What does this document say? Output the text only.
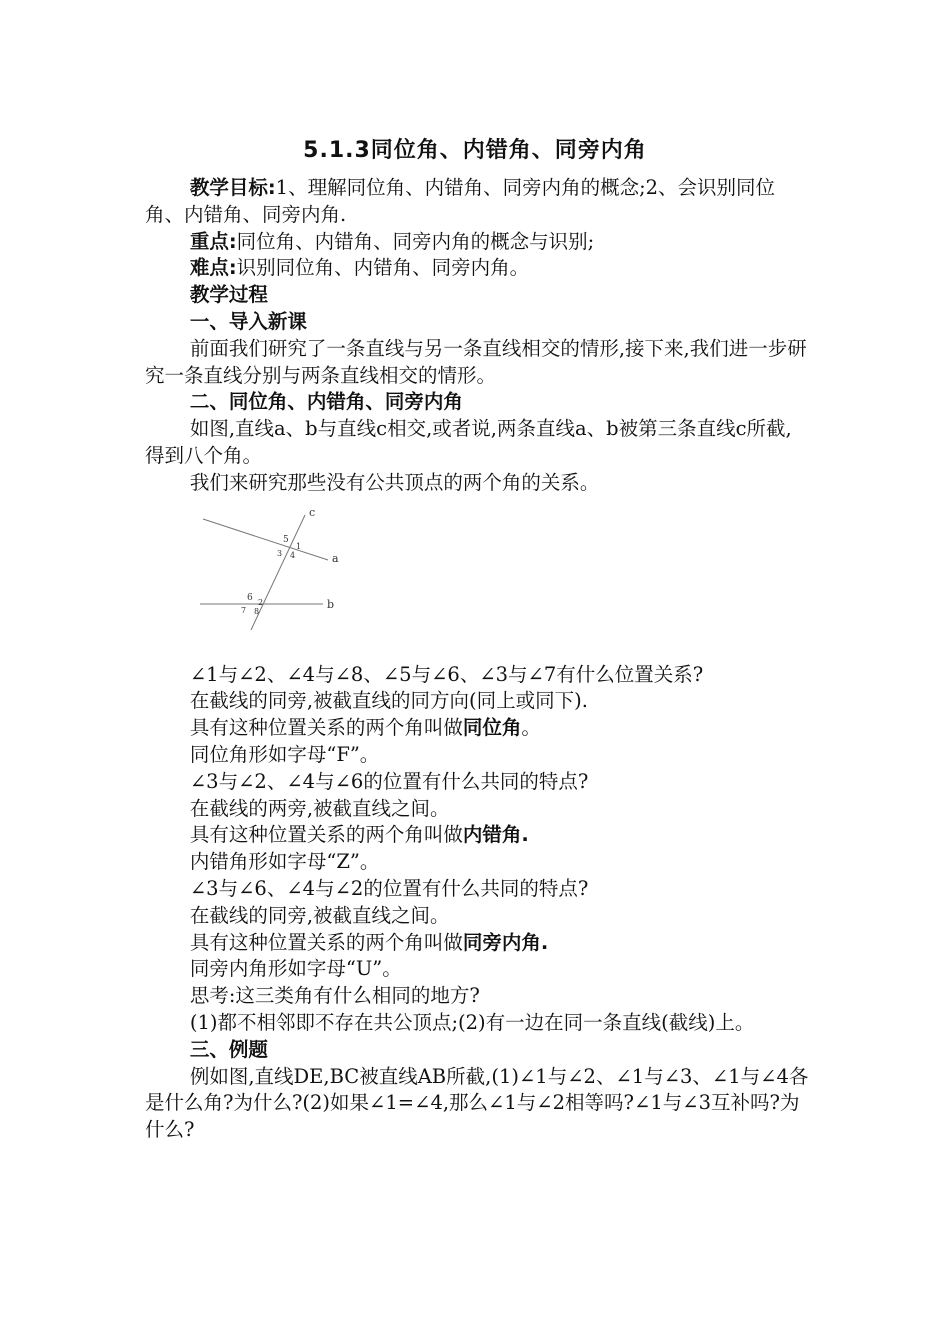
5.1.3同位角、内错角、同旁内角

教学目标:1、理解同位角、内错角、同旁内角的概念;2、会识别同位角、内错角、同旁内角.

重点:同位角、内错角、同旁内角的概念与识别;

难点:识别同位角、内错角、同旁内角。

教学过程

一、导入新课

前面我们研究了一条直线与另一条直线相交的情形,接下来,我们进一步研究一条直线分别与两条直线相交的情形。

二、同位角、内错角、同旁内角

如图,直线a、b与直线c相交,或者说,两条直线a、b被第三条直线c所截,得到八个角。

我们来研究那些没有公共顶点的两个角的关系。

c
a
b
5
1
3 4
6 2
7 8

∠1与∠2、∠4与∠8、∠5与∠6、∠3与∠7有什么位置关系?

在截线的同旁,被截直线的同方向(同上或同下).

具有这种位置关系的两个角叫做同位角。

同位角形如字母“F”。

∠3与∠2、∠4与∠6的位置有什么共同的特点?

在截线的两旁,被截直线之间。

具有这种位置关系的两个角叫做内错角.

内错角形如字母“Z”。

∠3与∠6、∠4与∠2的位置有什么共同的特点?

在截线的同旁,被截直线之间。

具有这种位置关系的两个角叫做同旁内角.

同旁内角形如字母“U”。

思考:这三类角有什么相同的地方?

(1)都不相邻即不存在共公顶点;(2)有一边在同一条直线(截线)上。

三、例题

例如图,直线DE,BC被直线AB所截,(1)∠1与∠2、∠1与∠3、∠1与∠4各是什么角?为什么?(2)如果∠1=∠4,那么∠1与∠2相等吗?∠1与∠3互补吗?为什么?
